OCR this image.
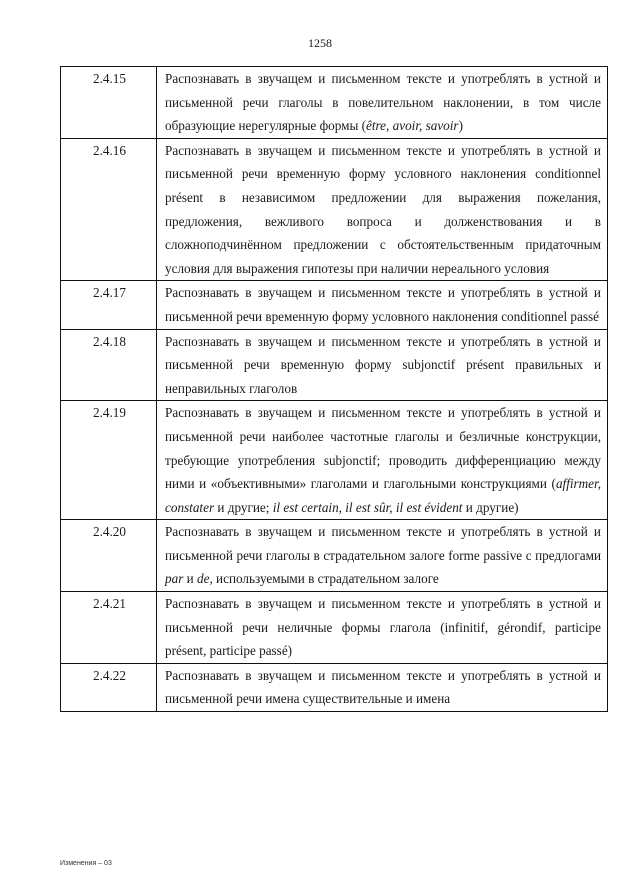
1258
2.4.15	Распознавать в звучащем и письменном тексте и употреблять в устной и письменной речи глаголы в повелительном наклонении, в том числе образующие нерегулярные формы (être, avoir, savoir)
2.4.16	Распознавать в звучащем и письменном тексте и употреблять в устной и письменной речи временную форму условного наклонения conditionnel présent в независимом предложении для выражения пожелания, предложения, вежливого вопроса и долженствования и в сложноподчинённом предложении с обстоятельственным придаточным условия для выражения гипотезы при наличии нереального условия
2.4.17	Распознавать в звучащем и письменном тексте и употреблять в устной и письменной речи временную форму условного наклонения conditionnel passé
2.4.18	Распознавать в звучащем и письменном тексте и употреблять в устной и письменной речи временную форму subjonctif présent правильных и неправильных глаголов
2.4.19	Распознавать в звучащем и письменном тексте и употреблять в устной и письменной речи наиболее частотные глаголы и безличные конструкции, требующие употребления subjonctif; проводить дифференциацию между ними и «объективными» глаголами и глагольными конструкциями (affirmer, constater и другие; il est certain, il est sûr, il est évident и другие)
2.4.20	Распознавать в звучащем и письменном тексте и употреблять в устной и письменной речи глаголы в страдательном залоге forme passive с предлогами par и de, используемыми в страдательном залоге
2.4.21	Распознавать в звучащем и письменном тексте и употреблять в устной и письменной речи неличные формы глагола (infinitif, gérondif, participe présent, participe passé)
2.4.22	Распознавать в звучащем и письменном тексте и употреблять в устной и письменной речи имена существительные и имена
Изменения – 03
